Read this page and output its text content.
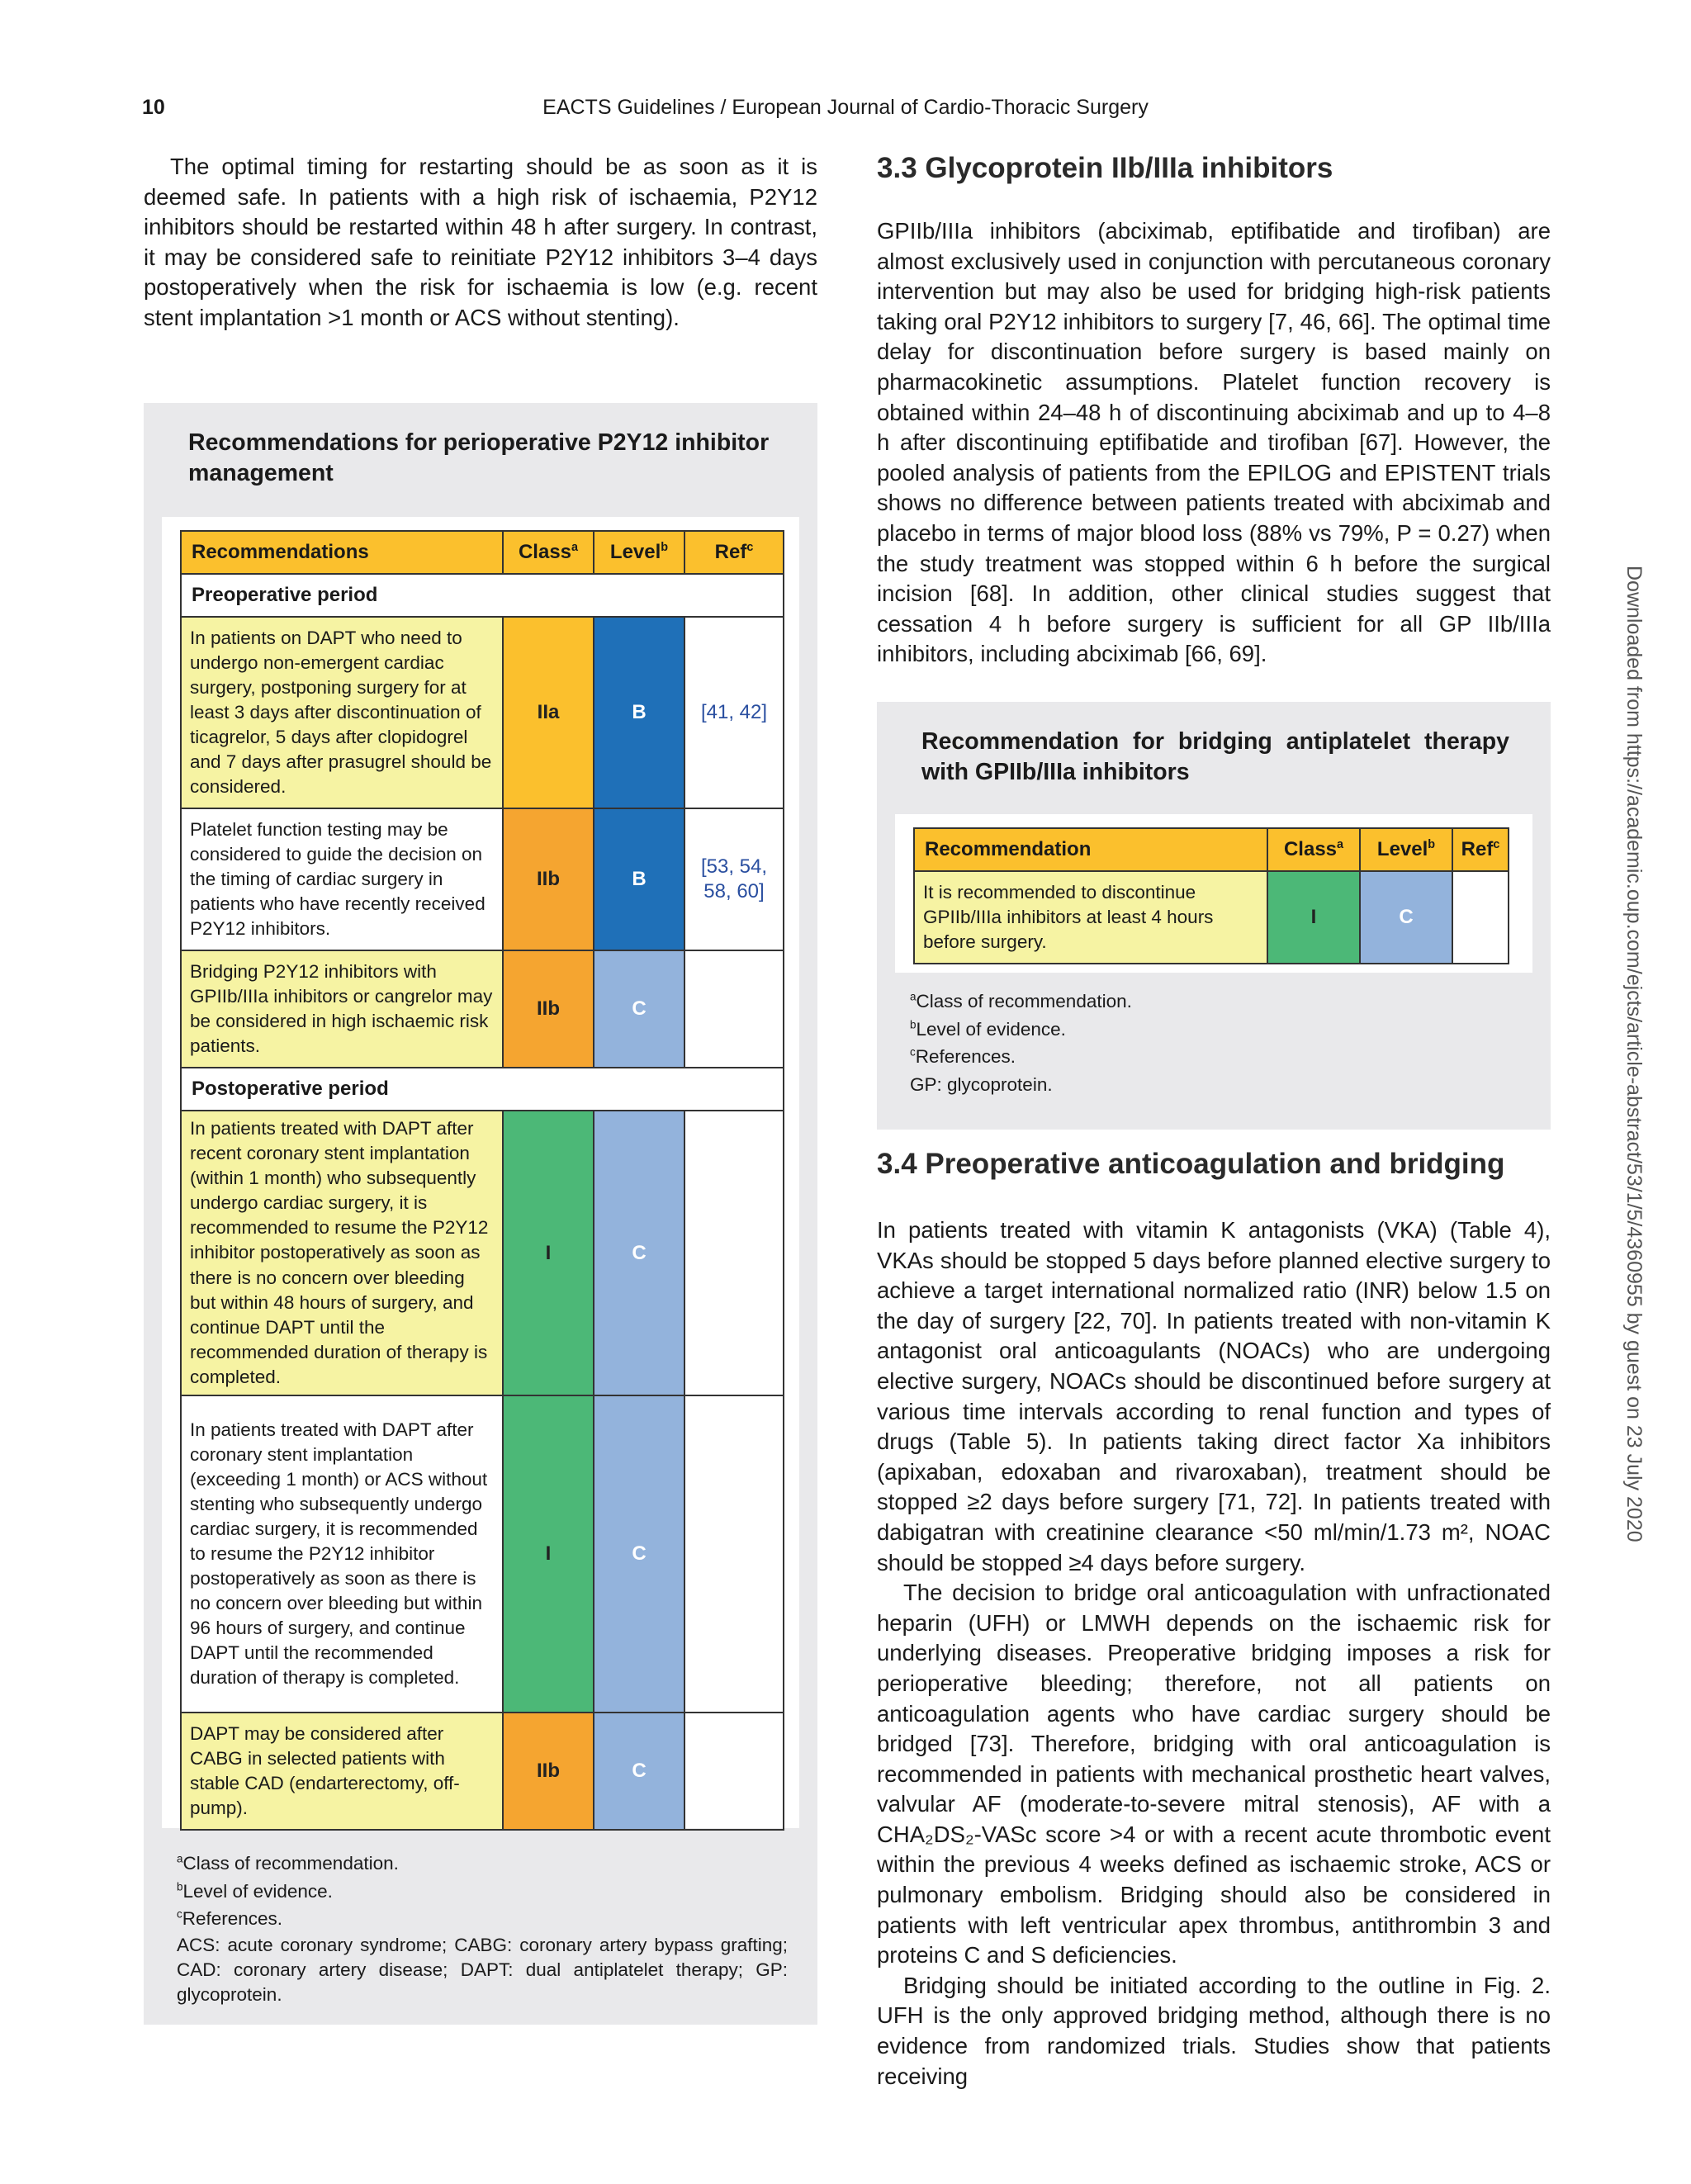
10	EACTS Guidelines / European Journal of Cardio-Thoracic Surgery
Downloaded from https://academic.oup.com/ejcts/article-abstract/53/1/5/4360955 by guest on 23 July 2020

The optimal timing for restarting should be as soon as it is deemed safe. In patients with a high risk of ischaemia, P2Y12 inhibitors should be restarted within 48 h after surgery. In contrast, it may be considered safe to reinitiate P2Y12 inhibitors 3–4 days postoperatively when the risk for ischaemia is low (e.g. recent stent implantation >1 month or ACS without stenting).

Recommendations for perioperative P2Y12 inhibitor management
Recommendations	Class$^a$	Level$^b$	Ref$^c$
Preoperative period			
In patients on DAPT who need to undergo non-emergent cardiac surgery, postponing surgery for at least 3 days after discontinuation of ticagrelor, 5 days after clopidogrel and 7 days after prasugrel should be considered.	IIa	B	[41, 42]
Platelet function testing may be considered to guide the decision on the timing of cardiac surgery in patients who have recently received P2Y12 inhibitors.	IIb	B	[53, 54, 58, 60]
Bridging P2Y12 inhibitors with GPIIb/IIIa inhibitors or cangrelor may be considered in high ischaemic risk patients.	IIb	C	
Postoperative period			
In patients treated with DAPT after recent coronary stent implantation (within 1 month) who subsequently undergo cardiac surgery, it is recommended to resume the P2Y12 inhibitor postoperatively as soon as there is no concern over bleeding but within 48 hours of surgery, and continue DAPT until the recommended duration of therapy is completed.	I	C	
In patients treated with DAPT after coronary stent implantation (exceeding 1 month) or ACS without stenting who subsequently undergo cardiac surgery, it is recommended to resume the P2Y12 inhibitor postoperatively as soon as there is no concern over bleeding but within 96 hours of surgery, and continue DAPT until the recommended duration of therapy is completed.	I	C	
DAPT may be considered after CABG in selected patients with stable CAD (endarterectomy, off-pump).	IIb	C	
$^a$Class of recommendation.
$^b$Level of evidence.
$^c$References.
ACS: acute coronary syndrome; CABG: coronary artery bypass grafting; CAD: coronary artery disease; DAPT: dual antiplatelet therapy; GP: glycoprotein.
3.3 Glycoprotein IIb/IIIa inhibitors

GPIIb/IIIa inhibitors (abciximab, eptifibatide and tirofiban) are almost exclusively used in conjunction with percutaneous coronary intervention but may also be used for bridging high-risk patients taking oral P2Y12 inhibitors to surgery [7, 46, 66]. The optimal time delay for discontinuation before surgery is based mainly on pharmacokinetic assumptions. Platelet function recovery is obtained within 24–48 h of discontinuing abciximab and up to 4–8 h after discontinuing eptifibatide and tirofiban [67]. However, the pooled analysis of patients from the EPILOG and EPISTENT trials shows no difference between patients treated with abciximab and placebo in terms of major blood loss (88% vs 79%, P = 0.27) when the study treatment was stopped within 6 h before the surgical incision [68]. In addition, other clinical studies suggest that cessation 4 h before surgery is sufficient for all GP IIb/IIIa inhibitors, including abciximab [66, 69].

Recommendation for bridging antiplatelet therapy with GPIIb/IIIa inhibitors
Recommendation	Class$^a$	Level$^b$	Ref$^c$
It is recommended to discontinue GPIIb/IIIa inhibitors at least 4 hours before surgery.	I	C	
$^a$Class of recommendation.
$^b$Level of evidence.
$^c$References.
GP: glycoprotein.
3.4 Preoperative anticoagulation and bridging

In patients treated with vitamin K antagonists (VKA) (Table 4), VKAs should be stopped 5 days before planned elective surgery to achieve a target international normalized ratio (INR) below 1.5 on the day of surgery [22, 70]. In patients treated with non-vitamin K antagonist oral anticoagulants (NOACs) who are undergoing elective surgery, NOACs should be discontinued before surgery at various time intervals according to renal function and types of drugs (Table 5). In patients taking direct factor Xa inhibitors (apixaban, edoxaban and rivaroxaban), treatment should be stopped ≥2 days before surgery [71, 72]. In patients treated with dabigatran with creatinine clearance <50 ml/min/1.73 m², NOAC should be stopped ≥4 days before surgery.

The decision to bridge oral anticoagulation with unfractionated heparin (UFH) or LMWH depends on the ischaemic risk for underlying diseases. Preoperative bridging imposes a risk for perioperative bleeding; therefore, not all patients on anticoagulation agents who have cardiac surgery should be bridged [73]. Therefore, bridging with oral anticoagulation is recommended in patients with mechanical prosthetic heart valves, valvular AF (moderate-to-severe mitral stenosis), AF with a CHA₂DS₂-VASc score >4 or with a recent acute thrombotic event within the previous 4 weeks defined as ischaemic stroke, ACS or pulmonary embolism. Bridging should also be considered in patients with left ventricular apex thrombus, antithrombin 3 and proteins C and S deficiencies.

Bridging should be initiated according to the outline in Fig. 2. UFH is the only approved bridging method, although there is no evidence from randomized trials. Studies show that patients receiving
